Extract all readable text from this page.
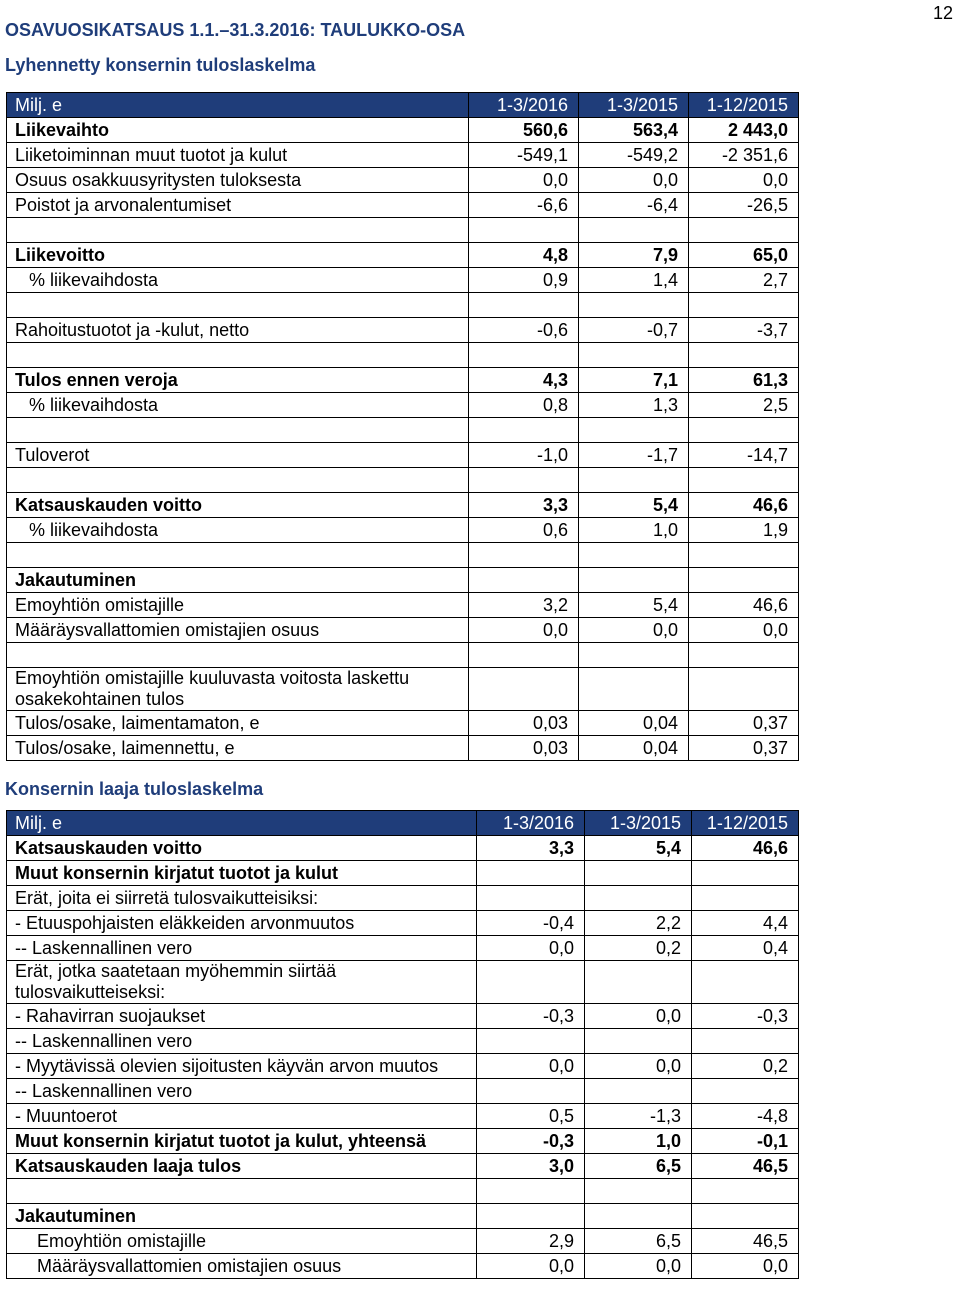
12
OSAVUOSIKATSAUS 1.1.–31.3.2016: TAULUKKO-OSA
Lyhennetty konsernin tuloslaskelma
Milj. e	1-3/2016	1-3/2015	1-12/2015
Liikevaihto	560,6	563,4	2 443,0
Liiketoiminnan muut tuotot ja kulut	-549,1	-549,2	-2 351,6
Osuus osakkuusyritysten tuloksesta	0,0	0,0	0,0
Poistot ja arvonalentumiset	-6,6	-6,4	-26,5

Liikevoitto	4,8	7,9	65,0
% liikevaihdosta	0,9	1,4	2,7

Rahoitustuotot ja -kulut, netto	-0,6	-0,7	-3,7

Tulos ennen veroja	4,3	7,1	61,3
% liikevaihdosta	0,8	1,3	2,5

Tuloverot	-1,0	-1,7	-14,7

Katsauskauden voitto	3,3	5,4	46,6
% liikevaihdosta	0,6	1,0	1,9

Jakautuminen			
Emoyhtiön omistajille	3,2	5,4	46,6
Määräysvallattomien omistajien osuus	0,0	0,0	0,0

Emoyhtiön omistajille kuuluvasta voitosta laskettu osakekohtainen tulos			
Tulos/osake, laimentamaton, e	0,03	0,04	0,37
Tulos/osake, laimennettu, e	0,03	0,04	0,37
Konsernin laaja tuloslaskelma
Milj. e	1-3/2016	1-3/2015	1-12/2015
Katsauskauden voitto	3,3	5,4	46,6
Muut konsernin kirjatut tuotot ja kulut			
Erät, joita ei siirretä tulosvaikutteisiksi:			
- Etuuspohjaisten eläkkeiden arvonmuutos	-0,4	2,2	4,4
-- Laskennallinen vero	0,0	0,2	0,4
Erät, jotka saatetaan myöhemmin siirtää tulosvaikutteiseksi:			
- Rahavirran suojaukset	-0,3	0,0	-0,3
-- Laskennallinen vero			
- Myytävissä olevien sijoitusten käyvän arvon muutos	0,0	0,0	0,2
-- Laskennallinen vero			
- Muuntoerot	0,5	-1,3	-4,8
Muut konsernin kirjatut tuotot ja kulut, yhteensä	-0,3	1,0	-0,1
Katsauskauden laaja tulos	3,0	6,5	46,5

Jakautuminen			
Emoyhtiön omistajille	2,9	6,5	46,5
Määräysvallattomien omistajien osuus	0,0	0,0	0,0
